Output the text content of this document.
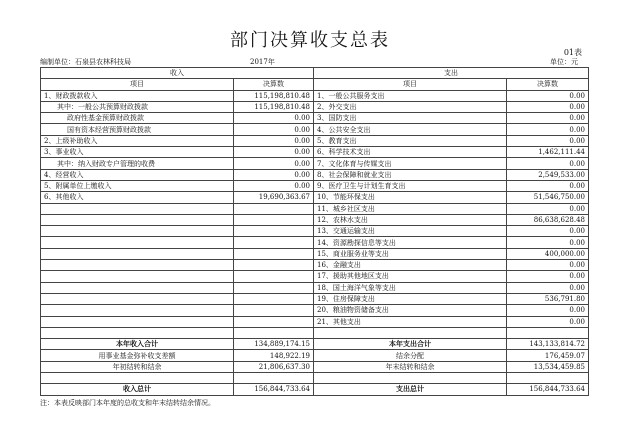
部门决算收支总表
01表
编制单位：石泉县农林科技局	2017年	单位：元
收入		支出	
项目	决算数	项目	决算数
1、财政拨款收入	115,198,810.48	1、一般公共服务支出	0.00
其中：一般公共预算财政拨款	115,198,810.48	2、外交支出	0.00
政府性基金预算财政拨款	0.00	3、国防支出	0.00
国有资本经营预算财政拨款	0.00	4、公共安全支出	0.00
2、上级补助收入	0.00	5、教育支出	0.00
3、事业收入	0.00	6、科学技术支出	1,462,111.44
其中：纳入财政专户管理的收费	0.00	7、文化体育与传媒支出	0.00
4、经营收入	0.00	8、社会保障和就业支出	2,549,533.00
5、附属单位上缴收入	0.00	9、医疗卫生与计划生育支出	0.00
6、其他收入	19,690,363.67	10、节能环保支出	51,546,750.00
		11、城乡社区支出	0.00
		12、农林水支出	86,638,628.48
		13、交通运输支出	0.00
		14、资源勘探信息等支出	0.00
		15、商业服务业等支出	400,000.00
		16、金融支出	0.00
		17、援助其他地区支出	0.00
		18、国土海洋气象等支出	0.00
		19、住房保障支出	536,791.80
		20、粮油物资储备支出	0.00
		21、其他支出	0.00

本年收入合计	134,889,174.15	本年支出合计	143,133,814.72
用事业基金弥补收支差额	148,922.19	结余分配	176,459.07
年初结转和结余	21,806,637.30	年末结转和结余	13,534,459.85

收入总计	156,844,733.64	支出总计	156,844,733.64
注：本表反映部门本年度的总收支和年末结转结余情况。
